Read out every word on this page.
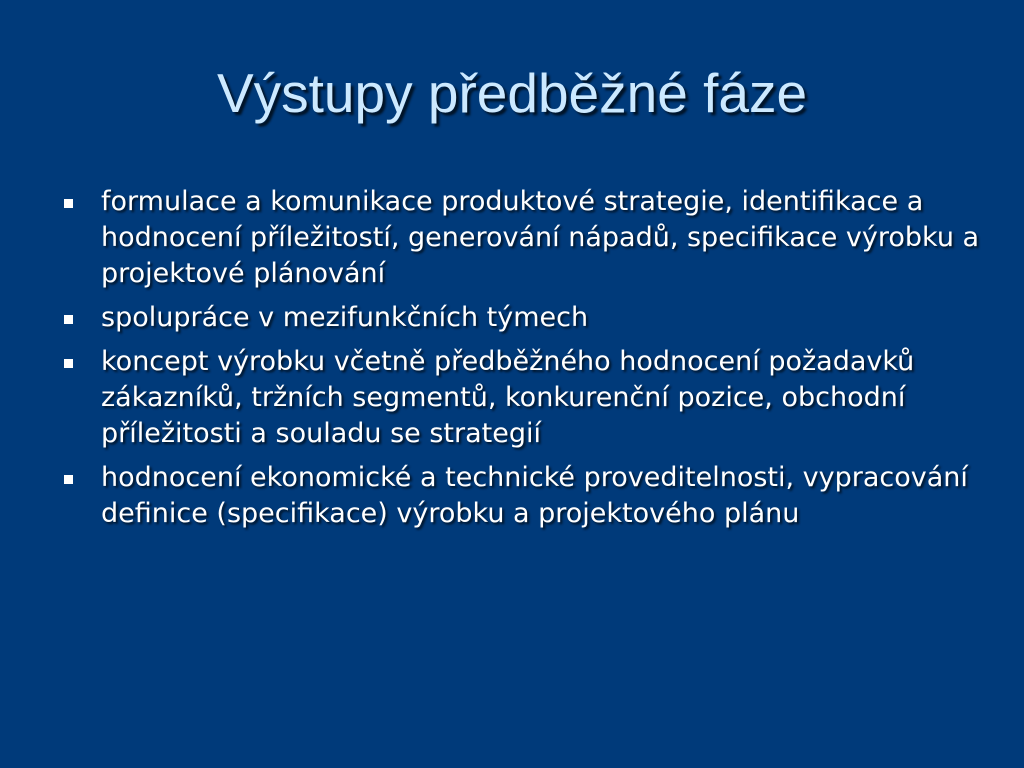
Výstupy předběžné fáze
formulace a komunikace produktové strategie, identifikace a hodnocení příležitostí, generování nápadů, specifikace výrobku a projektové plánování
spolupráce v mezifunkčních týmech
koncept výrobku včetně předběžného hodnocení požadavků zákazníků, tržních segmentů, konkurenční pozice, obchodní příležitosti a souladu se strategií
hodnocení ekonomické a technické proveditelnosti, vypracování definice (specifikace) výrobku a projektového plánu
